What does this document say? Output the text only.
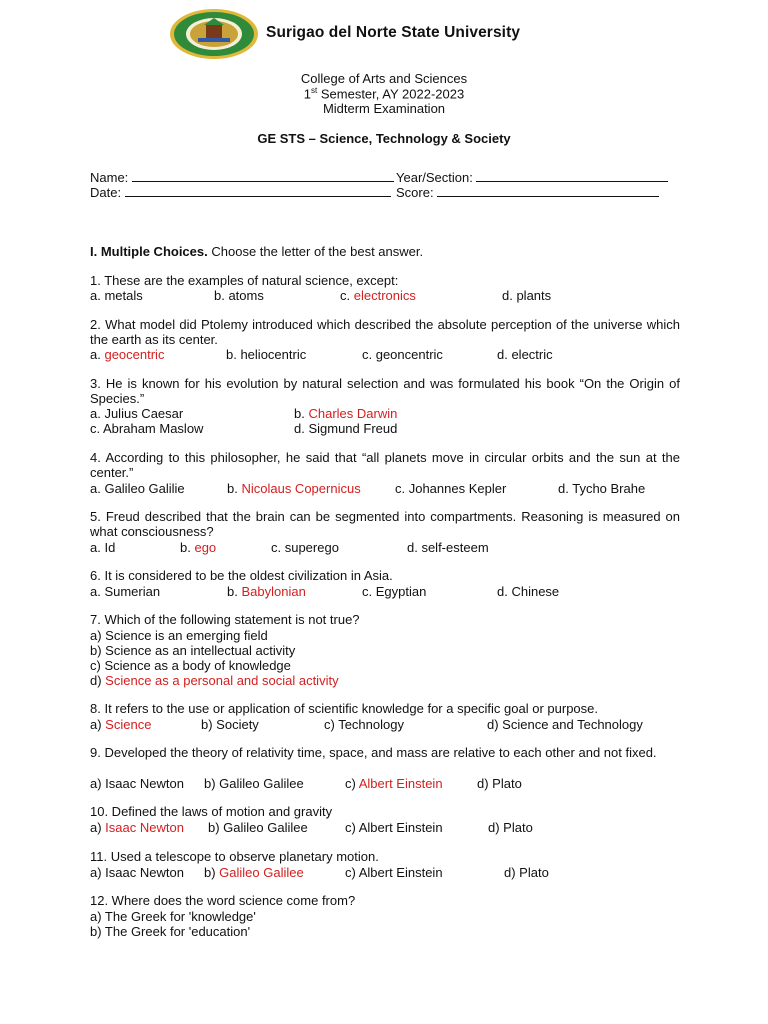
Surigao del Norte State University
College of Arts and Sciences
1st Semester, AY 2022-2023
Midterm Examination
GE STS – Science, Technology & Society
Name:	Year/Section:
Date:	Score:
I. Multiple Choices. Choose the letter of the best answer.
1. These are the examples of natural science, except:
a. metals	b. atoms	c. electronics	d. plants
2. What model did Ptolemy introduced which described the absolute perception of the universe which the earth as its center.
a. geocentric	b. heliocentric	c. geoncentric	d. electric
3. He is known for his evolution by natural selection and was formulated his book “On the Origin of Species.”
a. Julius Caesar	b. Charles Darwin
c. Abraham Maslow	d. Sigmund Freud
4. According to this philosopher, he said that “all planets move in circular orbits and the sun at the center.”
a. Galileo Galilie	b. Nicolaus Copernicus	c. Johannes Kepler	d. Tycho Brahe
5. Freud described that the brain can be segmented into compartments. Reasoning is measured on what consciousness?
a. Id	b. ego	c. superego	d. self-esteem
6. It is considered to be the oldest civilization in Asia.
a. Sumerian	b. Babylonian	c. Egyptian	d. Chinese
7. Which of the following statement is not true?
a) Science is an emerging field
b) Science as an intellectual activity
c) Science as a body of knowledge
d) Science as a personal and social activity
8. It refers to the use or application of scientific knowledge for a specific goal or purpose.
a) Science	b) Society	c) Technology	d) Science and Technology
9. Developed the theory of relativity time, space, and mass are relative to each other and not fixed.
a) Isaac Newton b) Galileo Galilee	c) Albert Einstein	d) Plato
10. Defined the laws of motion and gravity
a) Isaac Newton b) Galileo Galilee	c) Albert Einstein	d) Plato
11. Used a telescope to observe planetary motion.
a) Isaac Newton b) Galileo Galilee	c) Albert Einstein	d) Plato
12. Where does the word science come from?
a) The Greek for 'knowledge'
b) The Greek for 'education'
